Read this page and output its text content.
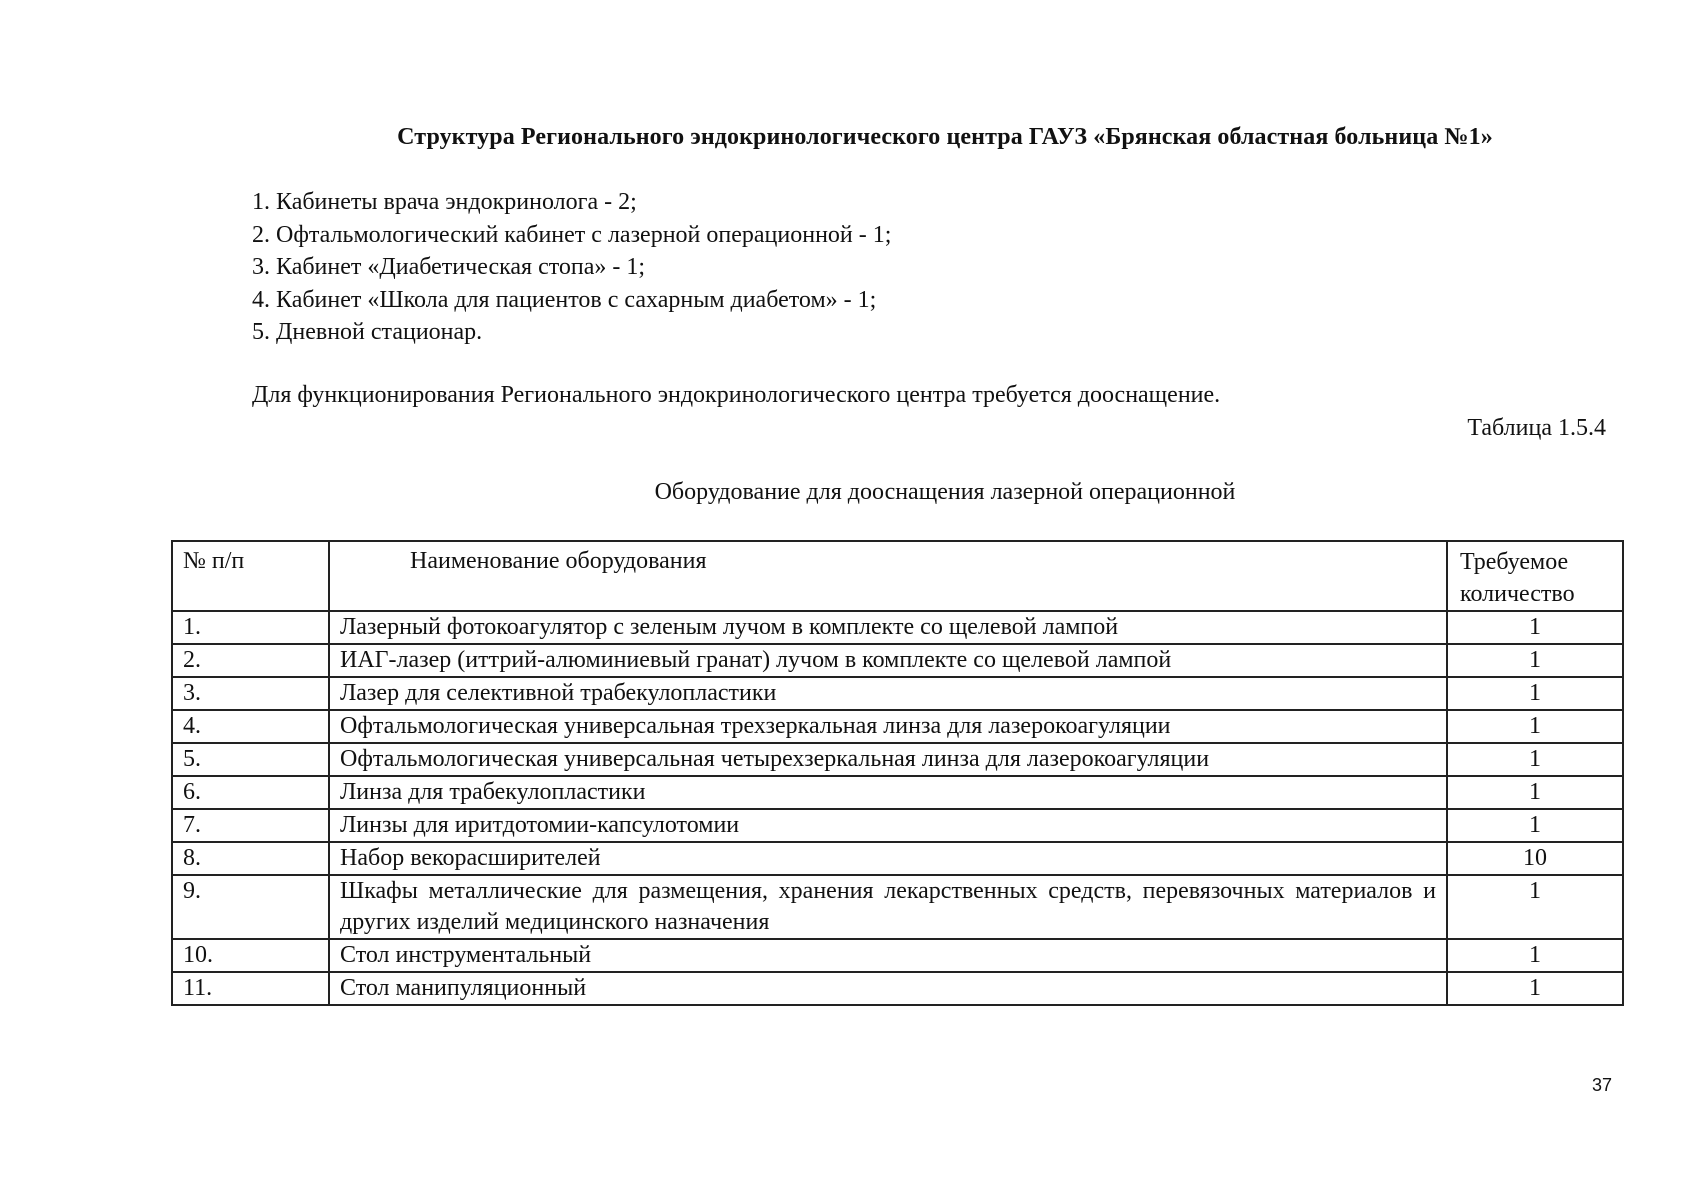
Структура Регионального эндокринологического центра ГАУЗ «Брянская областная больница №1»
1. Кабинеты врача эндокринолога - 2;
2. Офтальмологический кабинет с лазерной операционной - 1;
3. Кабинет «Диабетическая стопа» - 1;
4. Кабинет «Школа для пациентов с сахарным диабетом» - 1;
5. Дневной стационар.
Для функционирования Регионального эндокринологического центра требуется дооснащение.
Таблица 1.5.4
Оборудование для дооснащения лазерной операционной
№ п/п	Наименование оборудования	Требуемое количество
1.	Лазерный фотокоагулятор с зеленым лучом в комплекте со щелевой лампой	1
2.	ИАГ-лазер (иттрий-алюминиевый гранат) лучом в комплекте со щелевой лампой	1
3.	Лазер для селективной трабекулопластики	1
4.	Офтальмологическая универсальная трехзеркальная линза для лазерокоагуляции	1
5.	Офтальмологическая универсальная четырехзеркальная линза для лазерокоагуляции	1
6.	Линза для трабекулопластики	1
7.	Линзы для иритдотомии-капсулотомии	1
8.	Набор векорасширителей	10
9.	Шкафы металлические для размещения, хранения лекарственных средств, перевязочных материалов и других изделий медицинского назначения	1
10.	Стол инструментальный	1
11.	Стол манипуляционный	1
37
